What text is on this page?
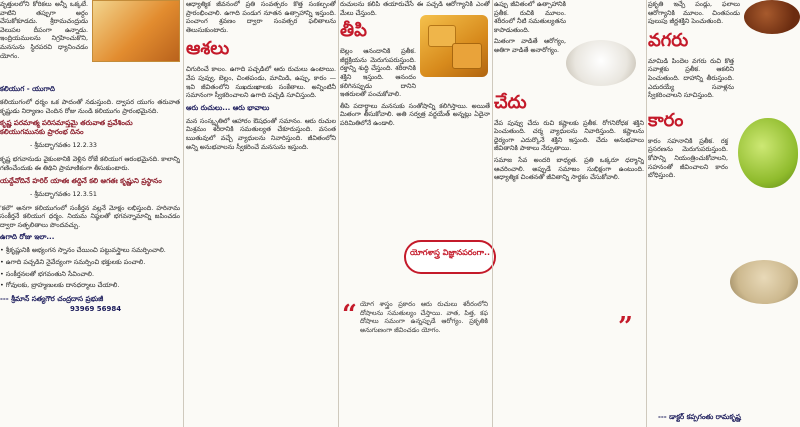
వృత్తులలోని కోరికలు అన్నీ ఒక్కటే. వాటిని తప్పుగా అర్ధం చేసుకోకూడదు. శ్రీరామచంద్రుడు వెలుపల దీపంగా ఉన్నాడు. ఇంద్రియములను నిగ్రహించుకొని, మనసును స్థిరపరచి ధ్యానించడం యోగం.

కలియుగ - యుగాది

కలియుగంలో ధర్మం ఒక పాదంతో నడుస్తుంది. ద్వాపర యుగం తరువాత కృష్ణుడు నిర్యాణం చెందిన రోజు నుండి కలియుగం ప్రారంభమైనది.

కృష్ణ పరమాత్మ పరిసమాప్తమై తరువాత ప్రవేశించు కలియుగమునకు ప్రారంభ దినం
- శ్రీమద్భాగవతం 12.2.33

కృష్ణ భగవానుడు వైకుంఠానికి వెళ్లిన రోజే కలియుగ ఆరంభమైనది. కాలాన్ని గణించేందుకు ఈ తిథిని ప్రామాణికంగా తీసుకుంటారు.

యద్దేవోదినే హరిర్ యాతః తద్దినే కలి ఆగతః కృష్ణుని ప్రస్థానం
- శ్రీమద్భాగవతం 12.3.51

'కలౌ' అనగా కలియుగంలో సంకీర్తన వల్లనే మోక్షం లభిస్తుంది. హరినామ సంకీర్తనే కలియుగ ధర్మం. నియమ నిష్ఠలతో భగవన్నామాన్ని జపించడం ద్వారా సత్ఫలితాలు పొందవచ్చు.

ఉగాది రోజు ఇలా...

• శ్రీకృష్ణునికి అభ్యంగన స్నానం చేయించి పట్టువస్త్రాలు సమర్పించాలి.

• ఉగాది పచ్చడిని నైవేద్యంగా సమర్పించి భక్తులకు పంచాలి.

• సంకీర్తనలతో భగవంతుని సేవించాలి.

• గోవులకు, బ్రాహ్మణులకు దానధర్మాలు చేయాలి.

--- శ్రీమాన్ సత్యగౌర చంద్రదాస ప్రభుజీ
93969 56984

ఆధ్యాత్మిక జీవనంలో ప్రతి సంవత్సరం కొత్త సంకల్పంతో ప్రారంభించాలి. ఉగాది పండుగ నూతన ఉత్సాహాన్ని ఇస్తుంది. పంచాంగ శ్రవణం ద్వారా సంవత్సర ఫలితాలను తెలుసుకుంటారు.

ఆశలు

చిగురించే కాలం. ఉగాది పచ్చడిలో ఆరు రుచులు ఉంటాయి. వేప పువ్వు, బెల్లం, చింతపండు, మామిడి, ఉప్పు, కారం — ఇవి జీవితంలోని సుఖదుఃఖాలకు సంకేతాలు. అన్నింటినీ సమానంగా స్వీకరించాలని ఉగాది పచ్చడి సూచిస్తుంది.

ఆరు రుచులు... ఆరు భావాలు

మన సంస్కృతిలో ఆహారం ఔషధంతో సమానం. ఆరు రుచుల మిశ్రమం శరీరానికి సమతుల్యత చేకూరుస్తుంది. వసంత ఋతువులో వచ్చే వ్యాధులను నివారిస్తుంది. జీవితంలోని అన్ని అనుభవాలను స్వీకరించే మనసును ఇస్తుంది.

రుచులను కలిపి తయారుచేసే ఈ పచ్చడి ఆరోగ్యానికి ఎంతో మేలు చేస్తుంది.

తీపి

బెల్లం ఆనందానికి ప్రతీక. జీర్ణక్రియను మెరుగుపరుస్తుంది. రక్తాన్ని శుద్ధి చేస్తుంది. శరీరానికి శక్తిని ఇస్తుంది. ఆనందం కలిగినప్పుడు దానిని ఇతరులతో పంచుకోవాలి.

తీపి పదార్థాలు మనసుకు సంతోషాన్ని కలిగిస్తాయి. అయితే మితంగా తీసుకోవాలి. అతి సర్వత్ర వర్జయేత్ అన్నట్లు ఏదైనా పరిమితిలోనే ఉండాలి.

“ యోగ శాస్త్రం ప్రకారం ఆరు రుచులు శరీరంలోని దోషాలను సమతుల్యం చేస్తాయి. వాత, పిత్త, కఫ దోషాలు సమంగా ఉన్నప్పుడే ఆరోగ్యం. ప్రకృతికి అనుగుణంగా జీవించడం యోగం.

యోగశాస్త్ర విజ్ఞానపరంగా..

ఉప్పు జీవితంలో ఉత్సాహానికి ప్రతీక. రుచికి మూలం. శరీరంలో నీటి సమతుల్యతను కాపాడుతుంది.

మితంగా వాడితే ఆరోగ్యం, అతిగా వాడితే అనారోగ్యం.

చేదు

వేప పువ్వు చేదు రుచి కష్టాలకు ప్రతీక. రోగనిరోధక శక్తిని పెంచుతుంది. చర్మ వ్యాధులను నివారిస్తుంది. కష్టాలను ధైర్యంగా ఎదుర్కొనే శక్తిని ఇస్తుంది. చేదు అనుభవాలు జీవితానికి పాఠాలు నేర్పుతాయి.

సమాజ సేవ అందరి బాధ్యత. ప్రతి ఒక్కరూ ధర్మాన్ని ఆచరించాలి. అప్పుడే సమాజం సుభిక్షంగా ఉంటుంది. ఆధ్యాత్మిక చింతనతో జీవితాన్ని సార్థకం చేసుకోవాలి.

”

ప్రకృతి ఇచ్చే పండ్లు, ఫలాలు ఆరోగ్యానికి మూలం. చింతపండు పులుపు జీర్ణశక్తిని పెంచుతుంది.

వగరు

మామిడి పిందెల వగరు రుచి కొత్త సవాళ్లకు ప్రతీక. ఆకలిని పెంచుతుంది. దాహాన్ని తీరుస్తుంది. ఎదురయ్యే సవాళ్లను స్వీకరించాలని సూచిస్తుంది.

కారం

కారం సహనానికి ప్రతీక. రక్త ప్రసరణను మెరుగుపరుస్తుంది. కోపాన్ని నియంత్రించుకోవాలని, సహనంతో జీవించాలని కారం బోధిస్తుంది.

--- డాక్టర్ కప్పగంతు రామకృష్ణ
